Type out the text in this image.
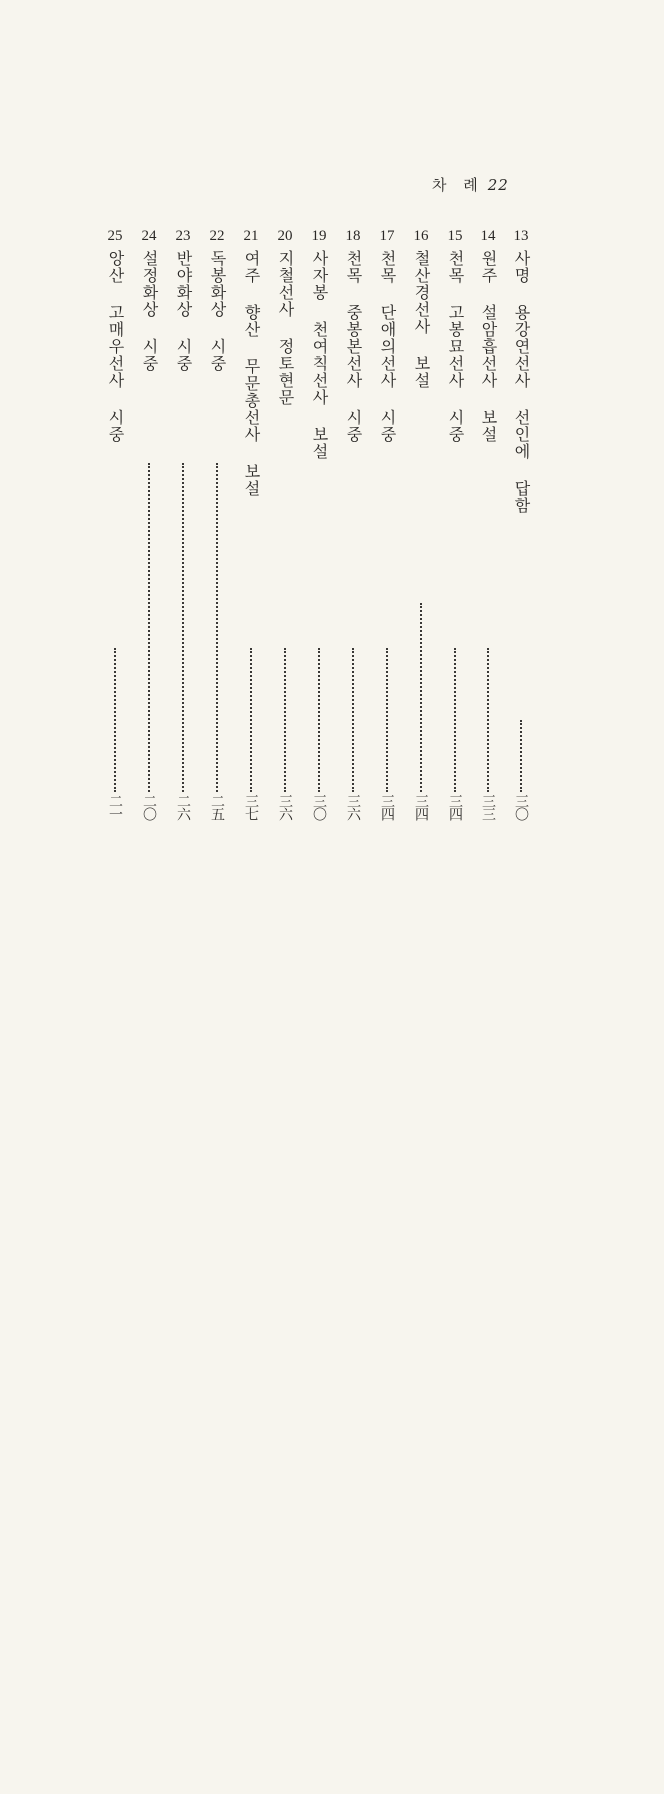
차 례 22
13
사명 용강연선사 선인에 답함
三〇
14
원주 설암흡선사 보설
三三
15
천목 고봉묘선사 시중
三四
16
철산경선사 보설
三四
17
천목 단애의선사 시중
三四
18
천목 중봉본선사 시중
三六
19
사자봉 천여칙선사 보설
三〇
20
지철선사 정토현문
三六
21
여주 향산 무문총선사 보설
三七
22
독봉화상 시중
二五
23
반야화상 시중
二六
24
설정화상 시중
二〇
25
앙산 고매우선사 시중
二一
